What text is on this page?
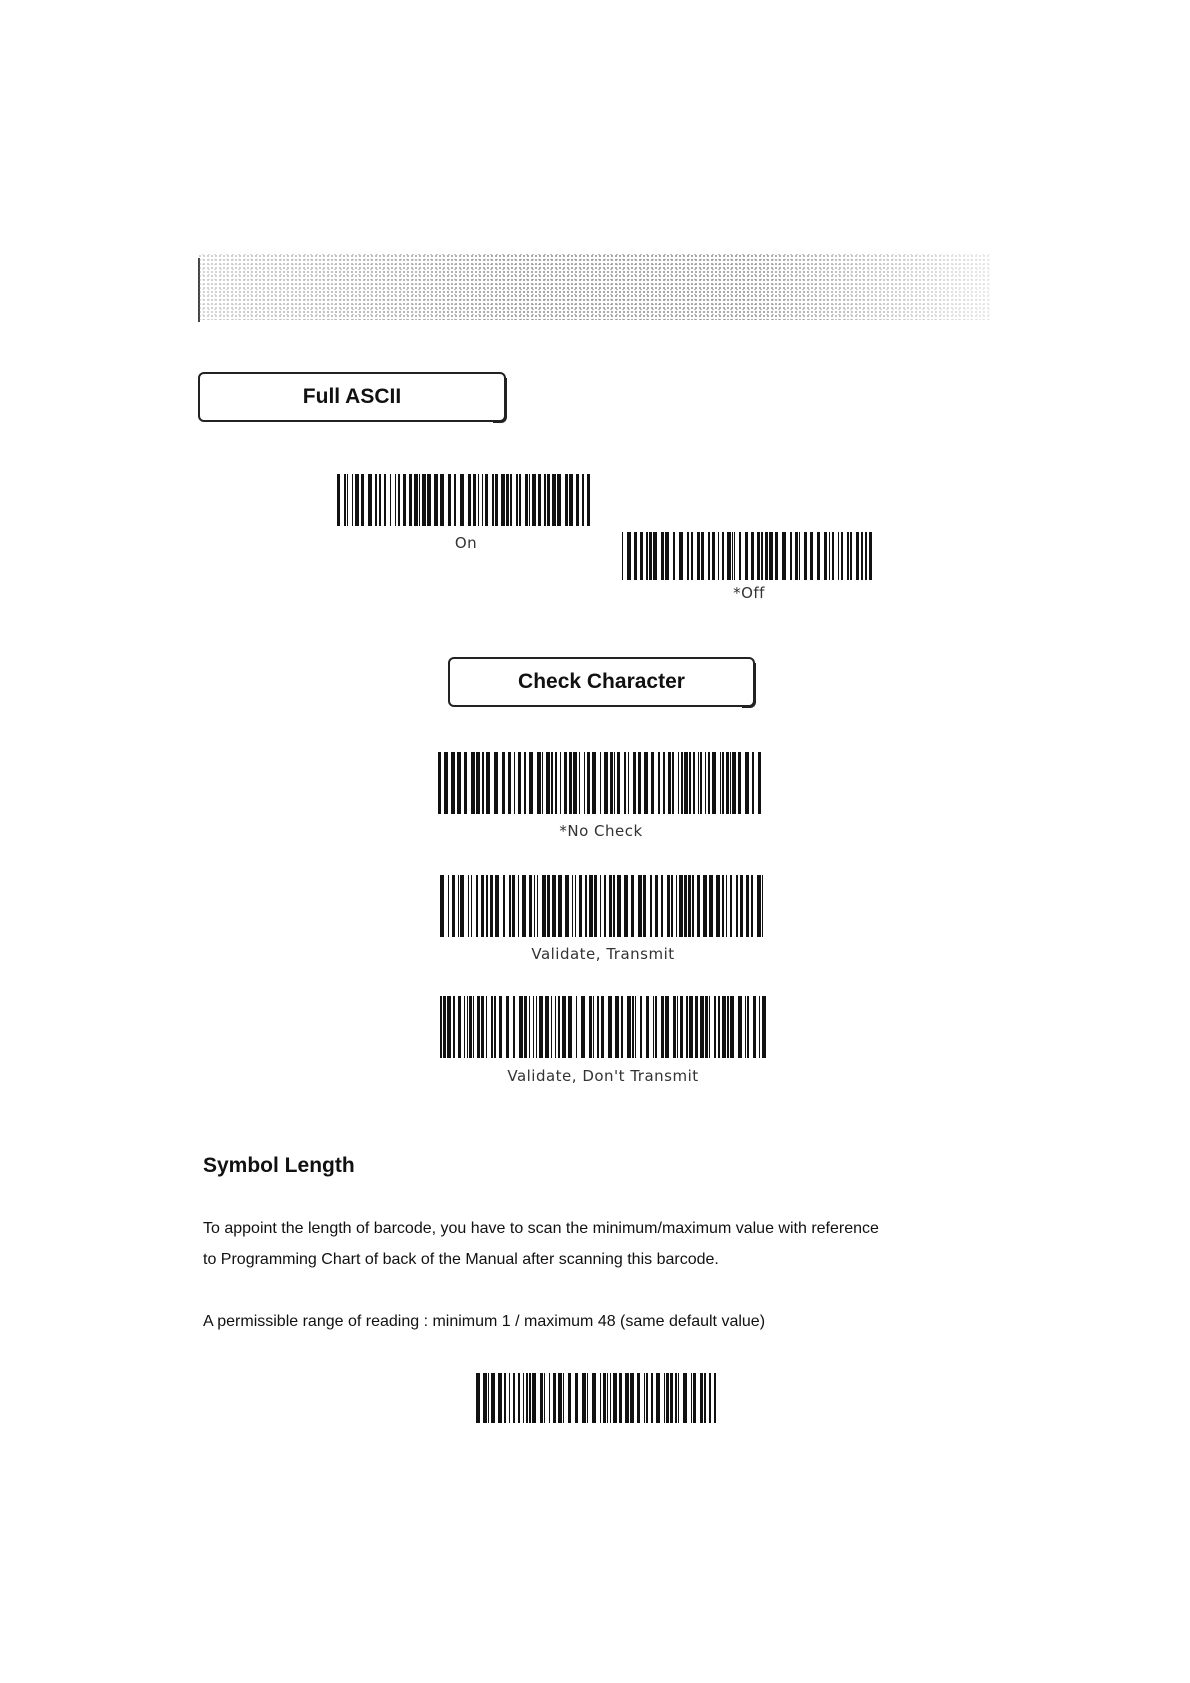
Full ASCII
On
*Off
Check Character
*No Check
Validate, Transmit
Validate, Don't Transmit
Symbol Length
To appoint the length of barcode, you have to scan the minimum/maximum value with reference
to Programming Chart of back of the Manual after scanning this barcode.
A permissible range of reading : minimum 1 / maximum 48 (same default value)
